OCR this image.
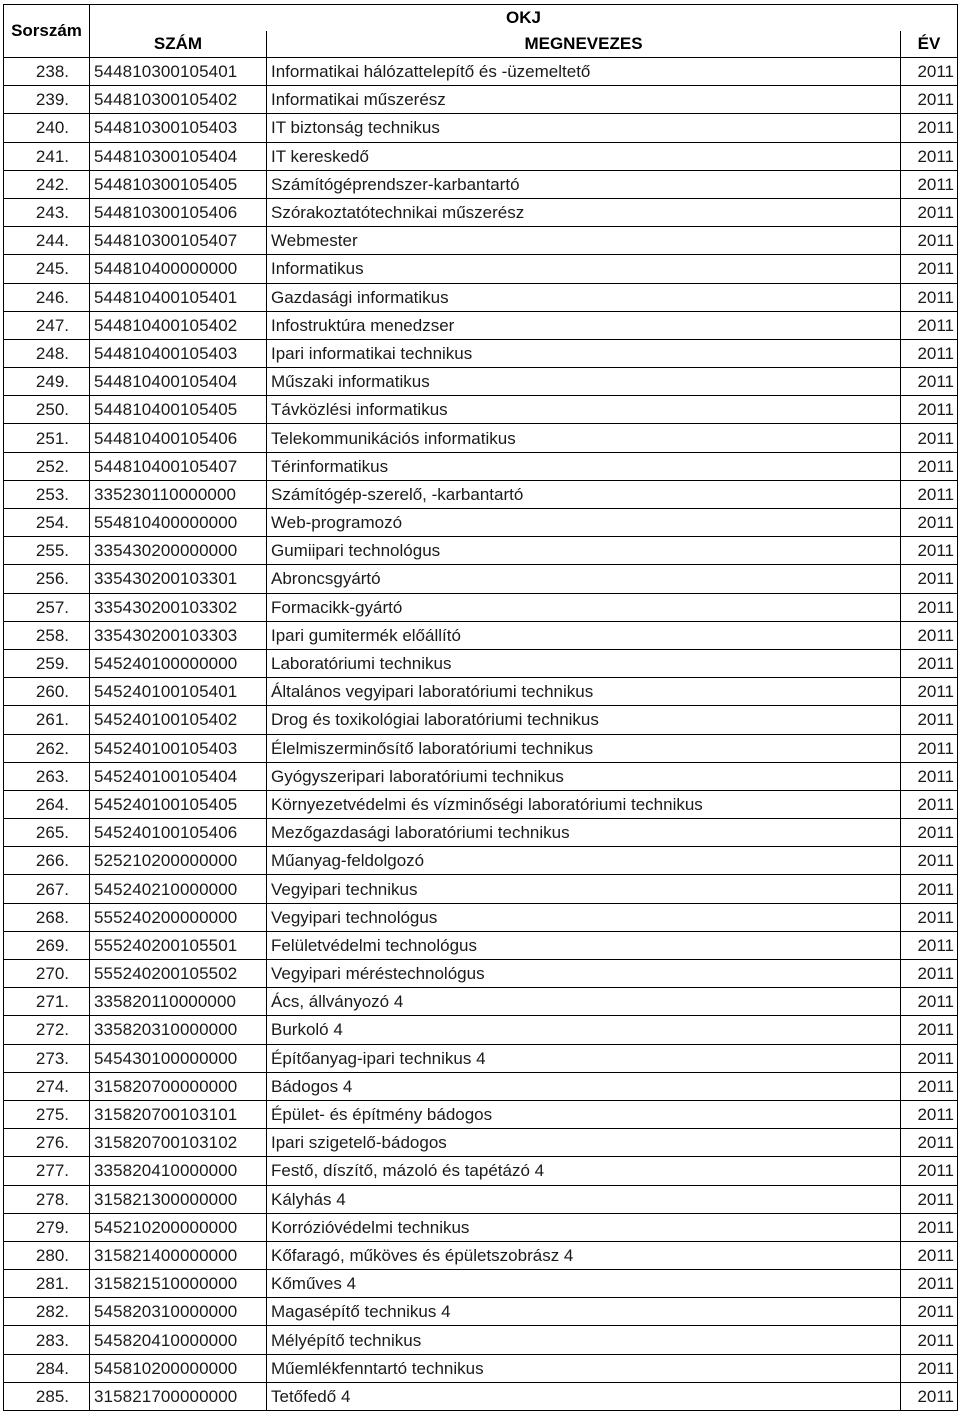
Sorszám	OKJ		
	SZÁM	MEGNEVEZES	ÉV
238.	544810300105401	Informatikai hálózattelepítő és -üzemeltető	2011
239.	544810300105402	Informatikai műszerész	2011
240.	544810300105403	IT biztonság technikus	2011
241.	544810300105404	IT kereskedő	2011
242.	544810300105405	Számítógéprendszer-karbantartó	2011
243.	544810300105406	Szórakoztatótechnikai műszerész	2011
244.	544810300105407	Webmester	2011
245.	544810400000000	Informatikus	2011
246.	544810400105401	Gazdasági informatikus	2011
247.	544810400105402	Infostruktúra menedzser	2011
248.	544810400105403	Ipari informatikai technikus	2011
249.	544810400105404	Műszaki informatikus	2011
250.	544810400105405	Távközlési informatikus	2011
251.	544810400105406	Telekommunikációs informatikus	2011
252.	544810400105407	Térinformatikus	2011
253.	335230110000000	Számítógép-szerelő, -karbantartó	2011
254.	554810400000000	Web-programozó	2011
255.	335430200000000	Gumiipari technológus	2011
256.	335430200103301	Abroncsgyártó	2011
257.	335430200103302	Formacikk-gyártó	2011
258.	335430200103303	Ipari gumitermék előállító	2011
259.	545240100000000	Laboratóriumi technikus	2011
260.	545240100105401	Általános vegyipari laboratóriumi technikus	2011
261.	545240100105402	Drog és toxikológiai laboratóriumi technikus	2011
262.	545240100105403	Élelmiszerminősítő laboratóriumi technikus	2011
263.	545240100105404	Gyógyszeripari laboratóriumi technikus	2011
264.	545240100105405	Környezetvédelmi és vízminőségi laboratóriumi technikus	2011
265.	545240100105406	Mezőgazdasági laboratóriumi technikus	2011
266.	525210200000000	Műanyag-feldolgozó	2011
267.	545240210000000	Vegyipari technikus	2011
268.	555240200000000	Vegyipari technológus	2011
269.	555240200105501	Felületvédelmi technológus	2011
270.	555240200105502	Vegyipari méréstechnológus	2011
271.	335820110000000	Ács, állványozó 4	2011
272.	335820310000000	Burkoló 4	2011
273.	545430100000000	Építőanyag-ipari technikus 4	2011
274.	315820700000000	Bádogos 4	2011
275.	315820700103101	Épület- és építmény bádogos	2011
276.	315820700103102	Ipari szigetelő-bádogos	2011
277.	335820410000000	Festő, díszítő, mázoló és tapétázó 4	2011
278.	315821300000000	Kályhás 4	2011
279.	545210200000000	Korrózióvédelmi technikus	2011
280.	315821400000000	Kőfaragó, műköves és épületszobrász 4	2011
281.	315821510000000	Kőműves 4	2011
282.	545820310000000	Magasépítő technikus 4	2011
283.	545820410000000	Mélyépítő technikus	2011
284.	545810200000000	Műemlékfenntartó technikus	2011
285.	315821700000000	Tetőfedő 4	2011
